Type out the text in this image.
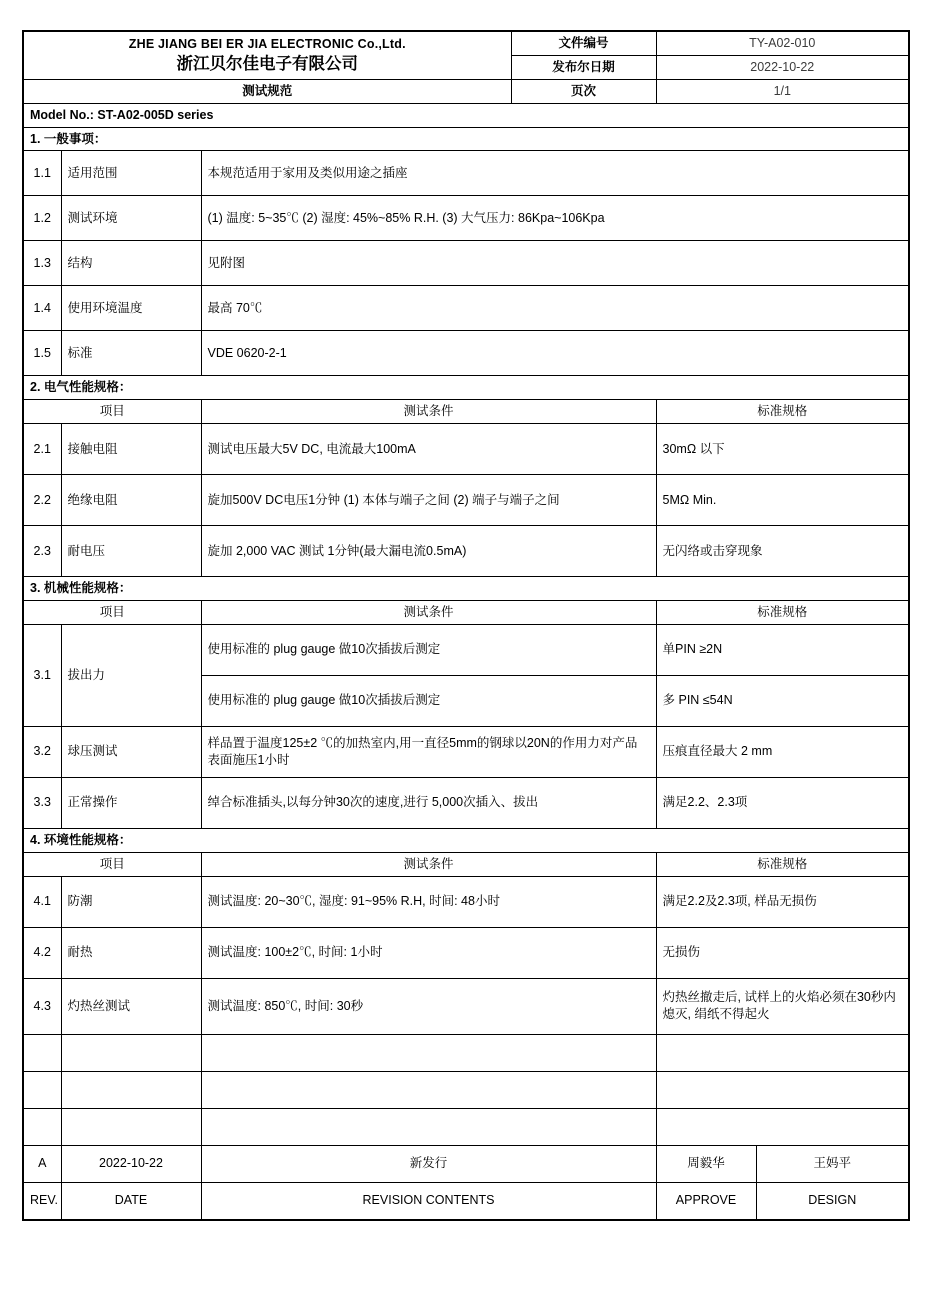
ZHE JIANG BEI ER JIA ELECTRONIC Co.,Ltd.
浙江贝尔佳电子有限公司			文件编号	TY-A02-010	
			发布尔日期	2022-10-22	
测试规范			页次	1/1	
Model No.: ST-A02-005D series					
1. 一般事项：					
1.1	适用范围	本规范适用于家用及类似用途之插座			
1.2	测试环境	(1) 温度: 5~35℃ (2) 湿度: 45%~85% R.H. (3) 大气压力: 86Kpa~106Kpa			
1.3	结构	见附图			
1.4	使用环境温度	最高 70℃			
1.5	标准	VDE 0620-2-1			
2. 电气性能规格：					
项目		测试条件		标准规格	
2.1	接触电阻	测试电压最大5V DC, 电流最大100mA		30mΩ 以下	
2.2	绝缘电阻	旋加500V DC电压1分钟 (1) 本体与端子之间 (2) 端子与端子之间		5MΩ Min.	
2.3	耐电压	旋加 2,000 VAC 测试 1分钟(最大漏电流0.5mA)		无闪络或击穿现象	
3. 机械性能规格：					
项目		测试条件		标准规格	
3.1	拔出力	使用标准的 plug gauge 做10次插拔后测定		单PIN ≥2N	
		使用标准的 plug gauge 做10次插拔后测定		多 PIN ≤54N	
3.2	球压测试	样品置于温度125±2 ℃的加热室内,用一直径5mm的钢球以20N的作用力对产品表面施压1小时		压痕直径最大 2 mm	
3.3	正常操作	绰合标准插头,以每分钟30次的速度,进行 5,000次插入、拔出		满足2.2、2.3项	
4. 环境性能规格：					
项目		测试条件		标准规格	
4.1	防潮	测试温度: 20~30℃, 湿度: 91~95% R.H, 时间: 48小时		满足2.2及2.3项, 样品无损伤	
4.2	耐热	测试温度: 100±2℃, 时间: 1小时		无损伤	
4.3	灼热丝测试	测试温度: 850℃, 时间: 30秒		灼热丝撤走后, 试样上的火焰必须在30秒内熄灭, 绢纸不得起火	

A	2022-10-22	新发行		周毅华	王妈平
REV.	DATE	REVISION CONTENTS		APPROVE	DESIGN
